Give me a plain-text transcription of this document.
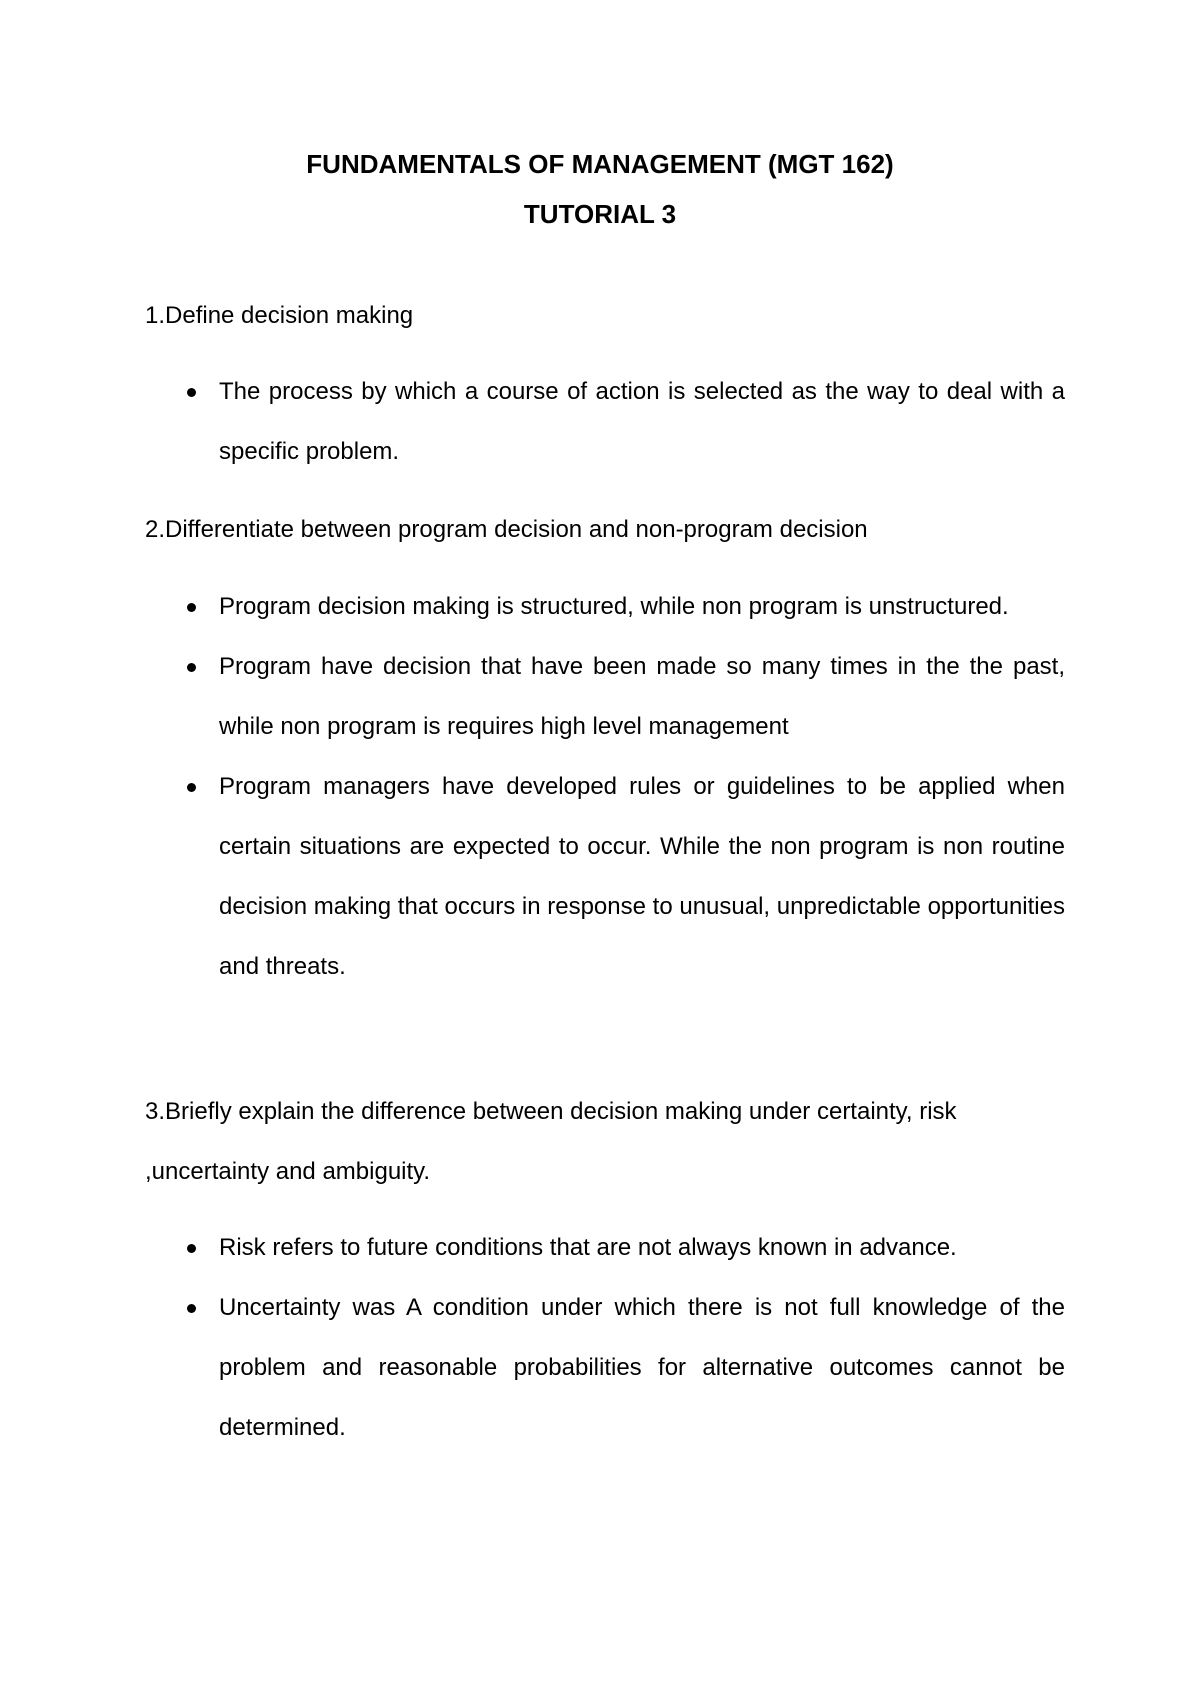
FUNDAMENTALS OF MANAGEMENT (MGT 162)
TUTORIAL 3

1.Define decision making

The process by which a course of action is selected as the way to deal with a specific problem.

2.Differentiate between program decision and non-program decision

Program decision making is structured, while non program is unstructured.
Program have decision that have been made so many times in the the past, while non program is requires high level management
Program managers have developed rules or guidelines to be applied when certain situations are expected to occur. While the non program is non routine decision making that occurs in response to unusual, unpredictable opportunities and threats.

3.Briefly explain the difference between decision making under certainty, risk ,uncertainty and ambiguity.

Risk refers to future conditions that are not always known in advance.
Uncertainty was A condition under which there is not full knowledge of the problem and reasonable probabilities for alternative outcomes cannot be determined.
